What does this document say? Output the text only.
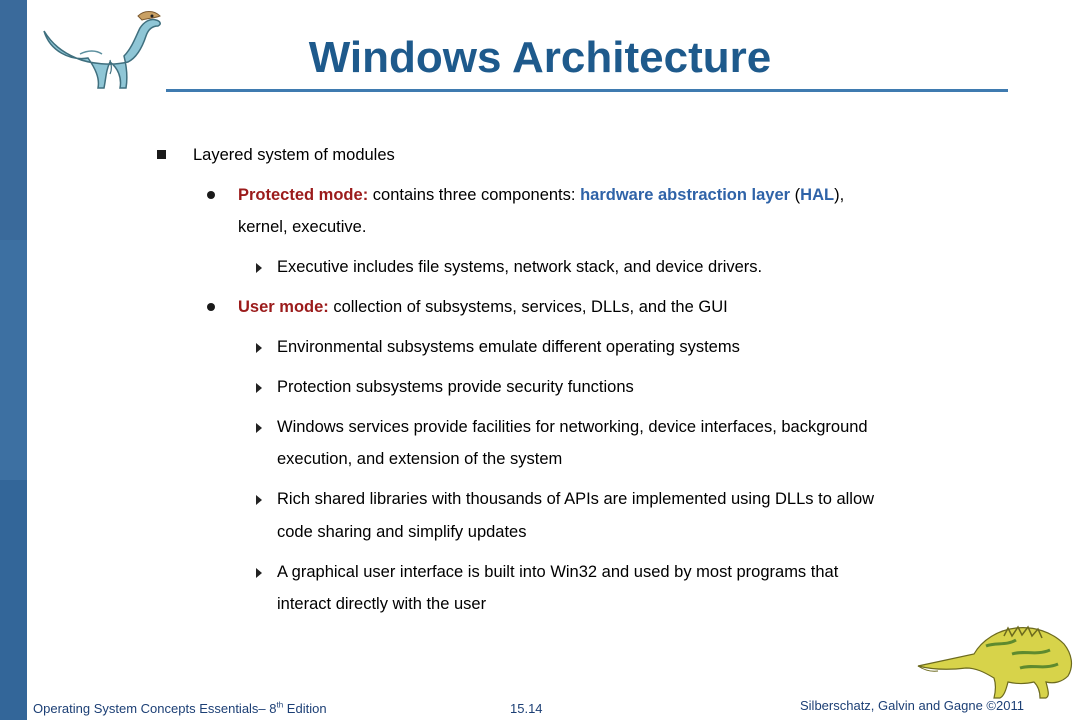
Windows Architecture
Layered system of modules
Protected mode: contains three components: hardware abstraction layer (HAL),
kernel, executive.
Executive includes file systems, network stack, and device drivers.
User mode: collection of subsystems, services, DLLs, and the GUI
Environmental subsystems emulate different operating systems
Protection subsystems provide security functions
Windows services provide facilities for networking, device interfaces, background
execution, and extension of the system
Rich shared libraries with thousands of APIs are implemented using DLLs to allow
code sharing and simplify updates
A graphical user interface is built into Win32 and used by most programs that
interact directly with the user
Operating System Concepts Essentials– 8th Edition	15.14	Silberschatz, Galvin and Gagne ©2011
